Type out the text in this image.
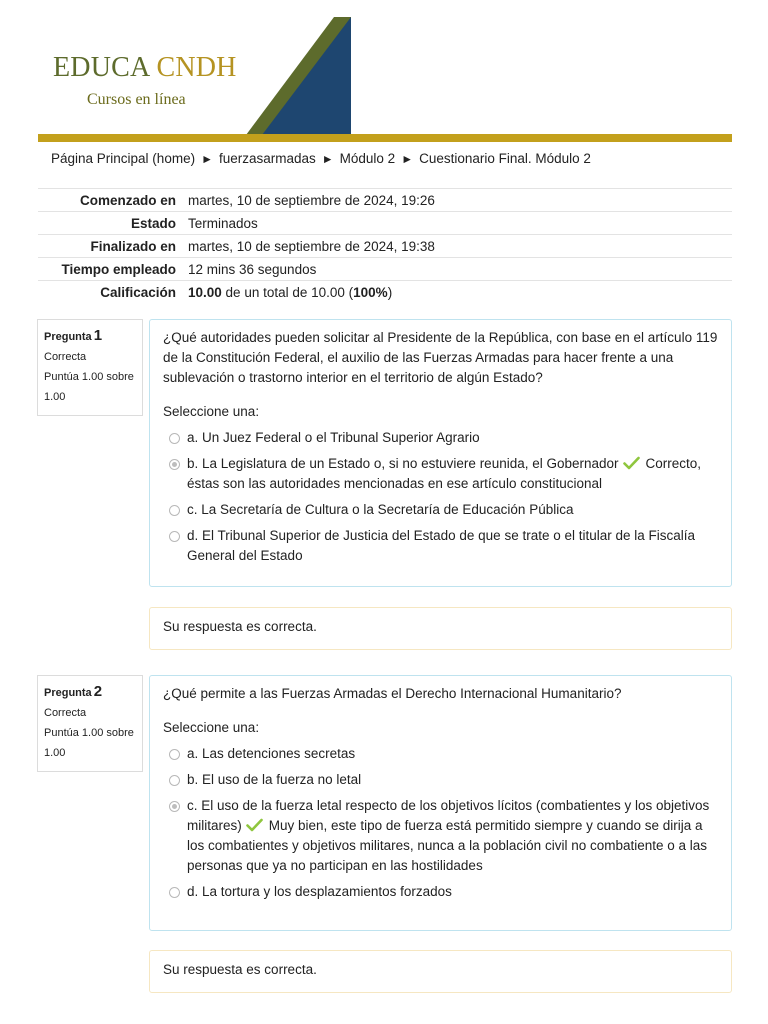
EDUCA CNDH
Cursos en línea
Página Principal (home) ► fuerzasarmadas ► Módulo 2 ► Cuestionario Final. Módulo 2
Comenzado en	martes, 10 de septiembre de 2024, 19:26
Estado	Terminados
Finalizado en	martes, 10 de septiembre de 2024, 19:38
Tiempo empleado	12 mins 36 segundos
Calificación	10.00 de un total de 10.00 (100%)
Pregunta 1
Correcta
Puntúa 1.00 sobre 1.00

¿Qué autoridades pueden solicitar al Presidente de la República, con base en el artículo 119 de la Constitución Federal, el auxilio de las Fuerzas Armadas para hacer frente a una sublevación o trastorno interior en el territorio de algún Estado?

Seleccione una:
a. Un Juez Federal o el Tribunal Superior Agrario
b. La Legislatura de un Estado o, si no estuviere reunida, el Gobernador Correcto, éstas son las autoridades mencionadas en ese artículo constitucional
c. La Secretaría de Cultura o la Secretaría de Educación Pública
d. El Tribunal Superior de Justicia del Estado de que se trate o el titular de la Fiscalía General del Estado
Su respuesta es correcta.
Pregunta 2
Correcta
Puntúa 1.00 sobre 1.00

¿Qué permite a las Fuerzas Armadas el Derecho Internacional Humanitario?

Seleccione una:
a. Las detenciones secretas
b. El uso de la fuerza no letal
c. El uso de la fuerza letal respecto de los objetivos lícitos (combatientes y los objetivos militares) Muy bien, este tipo de fuerza está permitido siempre y cuando se dirija a los combatientes y objetivos militares, nunca a la población civil no combatiente o a las personas que ya no participan en las hostilidades
d. La tortura y los desplazamientos forzados
Su respuesta es correcta.
